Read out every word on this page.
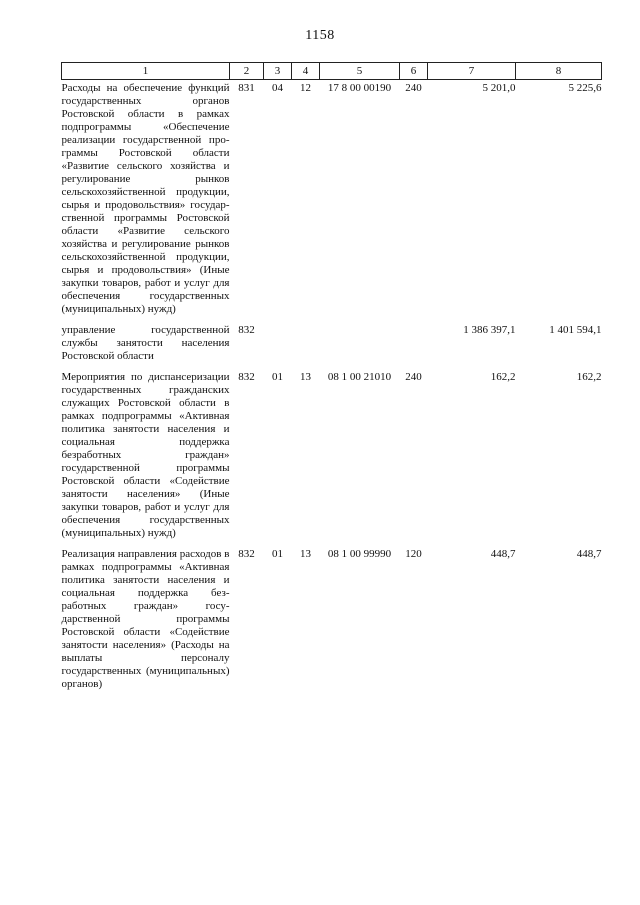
1158
1	2	3	4	5	6	7	8
Расходы на обеспечение функций государственных органов Ростовской области в рамках подпрограммы «Обеспечение реализации государственной программы Ростовской области «Развитие сельского хозяйства и регулирование рынков сельскохозяйственной продукции, сырья и продовольствия» государственной программы Ростовской области «Развитие сельского хозяйства и регулирование рынков сельскохозяйственной продукции, сырья и продовольствия» (Иные закупки товаров, работ и услуг для обеспечения государственных (муниципальных) нужд)	831	04	12	17 8 00 00190	240	5 201,0	5 225,6

управление государственной службы занятости населения Ростовской области	832					1 386 397,1	1 401 594,1

Мероприятия по диспансеризации государственных гражданских служащих Ростовской области в рамках подпрограммы «Активная политика занятости населения и социальная поддержка безработных граждан» государственной программы Ростовской области «Содействие занятости населения» (Иные закупки товаров, работ и услуг для обеспечения государственных (муниципальных) нужд)	832	01	13	08 1 00 21010	240	162,2	162,2

Реализация направления расходов в рамках подпрограммы «Активная политика занятости населения и социальная поддержка безработных граждан» государственной программы Ростовской области «Содействие занятости населения» (Расходы на выплаты персоналу государственных (муниципальных) органов)	832	01	13	08 1 00 99990	120	448,7	448,7
